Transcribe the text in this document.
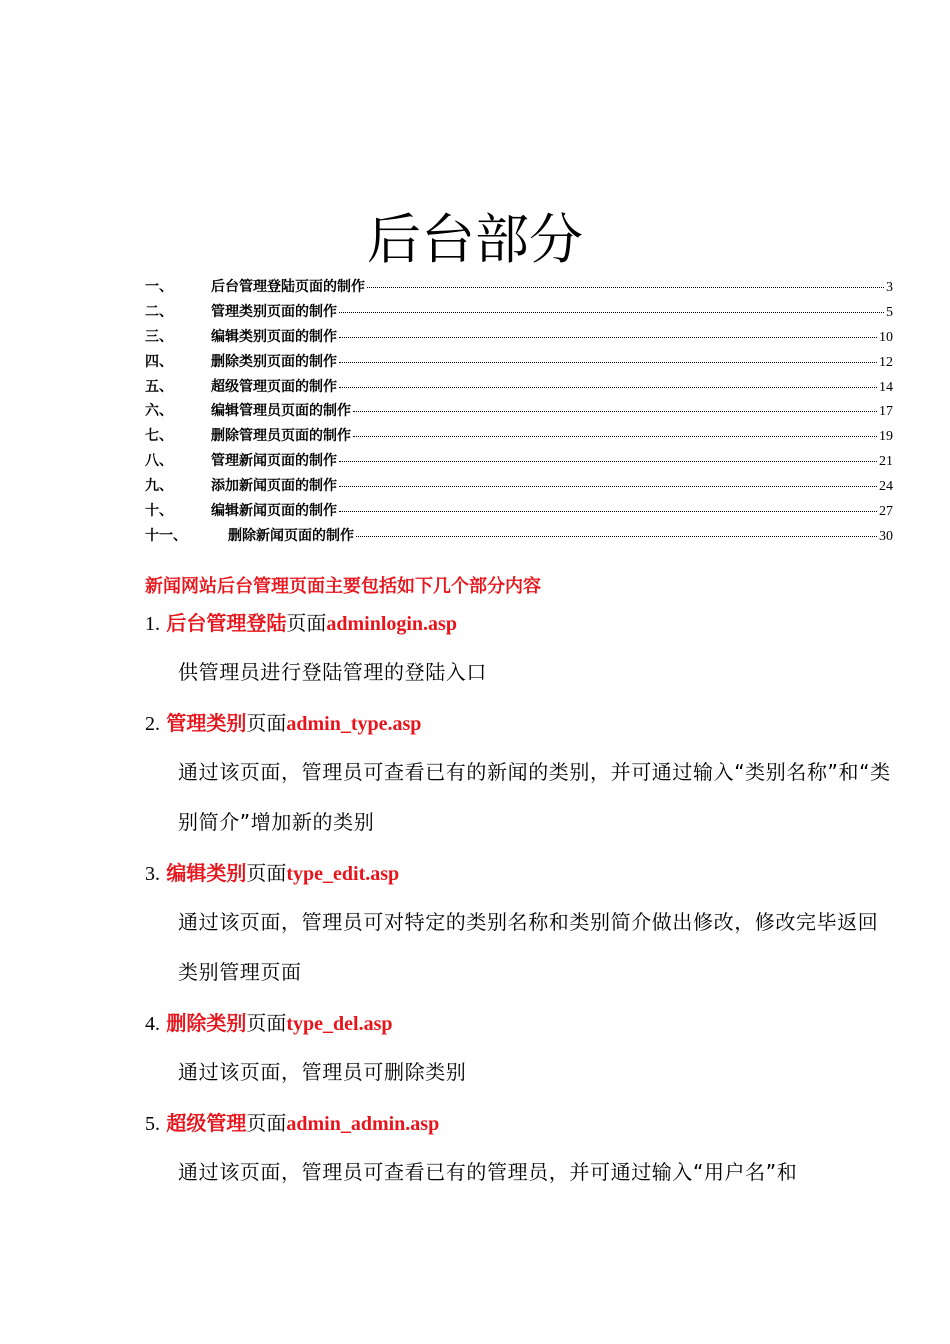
后台部分
一、	后台管理登陆页面的制作	3
二、	管理类别页面的制作	5
三、	编辑类别页面的制作	10
四、	删除类别页面的制作	12
五、	超级管理页面的制作	14
六、	编辑管理员页面的制作	17
七、	删除管理员页面的制作	19
八、	管理新闻页面的制作	21
九、	添加新闻页面的制作	24
十、	编辑新闻页面的制作	27
十一、	删除新闻页面的制作	30
新闻网站后台管理页面主要包括如下几个部分内容
1. 后台管理登陆页面adminlogin.asp
供管理员进行登陆管理的登陆入口
2. 管理类别页面admin_type.asp
通过该页面，管理员可查看已有的新闻的类别，并可通过输入“类别名称”和“类别简介”增加新的类别
3. 编辑类别页面type_edit.asp
通过该页面，管理员可对特定的类别名称和类别简介做出修改，修改完毕返回类别管理页面
4. 删除类别页面type_del.asp
通过该页面，管理员可删除类别
5. 超级管理页面admin_admin.asp
通过该页面，管理员可查看已有的管理员，并可通过输入“用户名”和
